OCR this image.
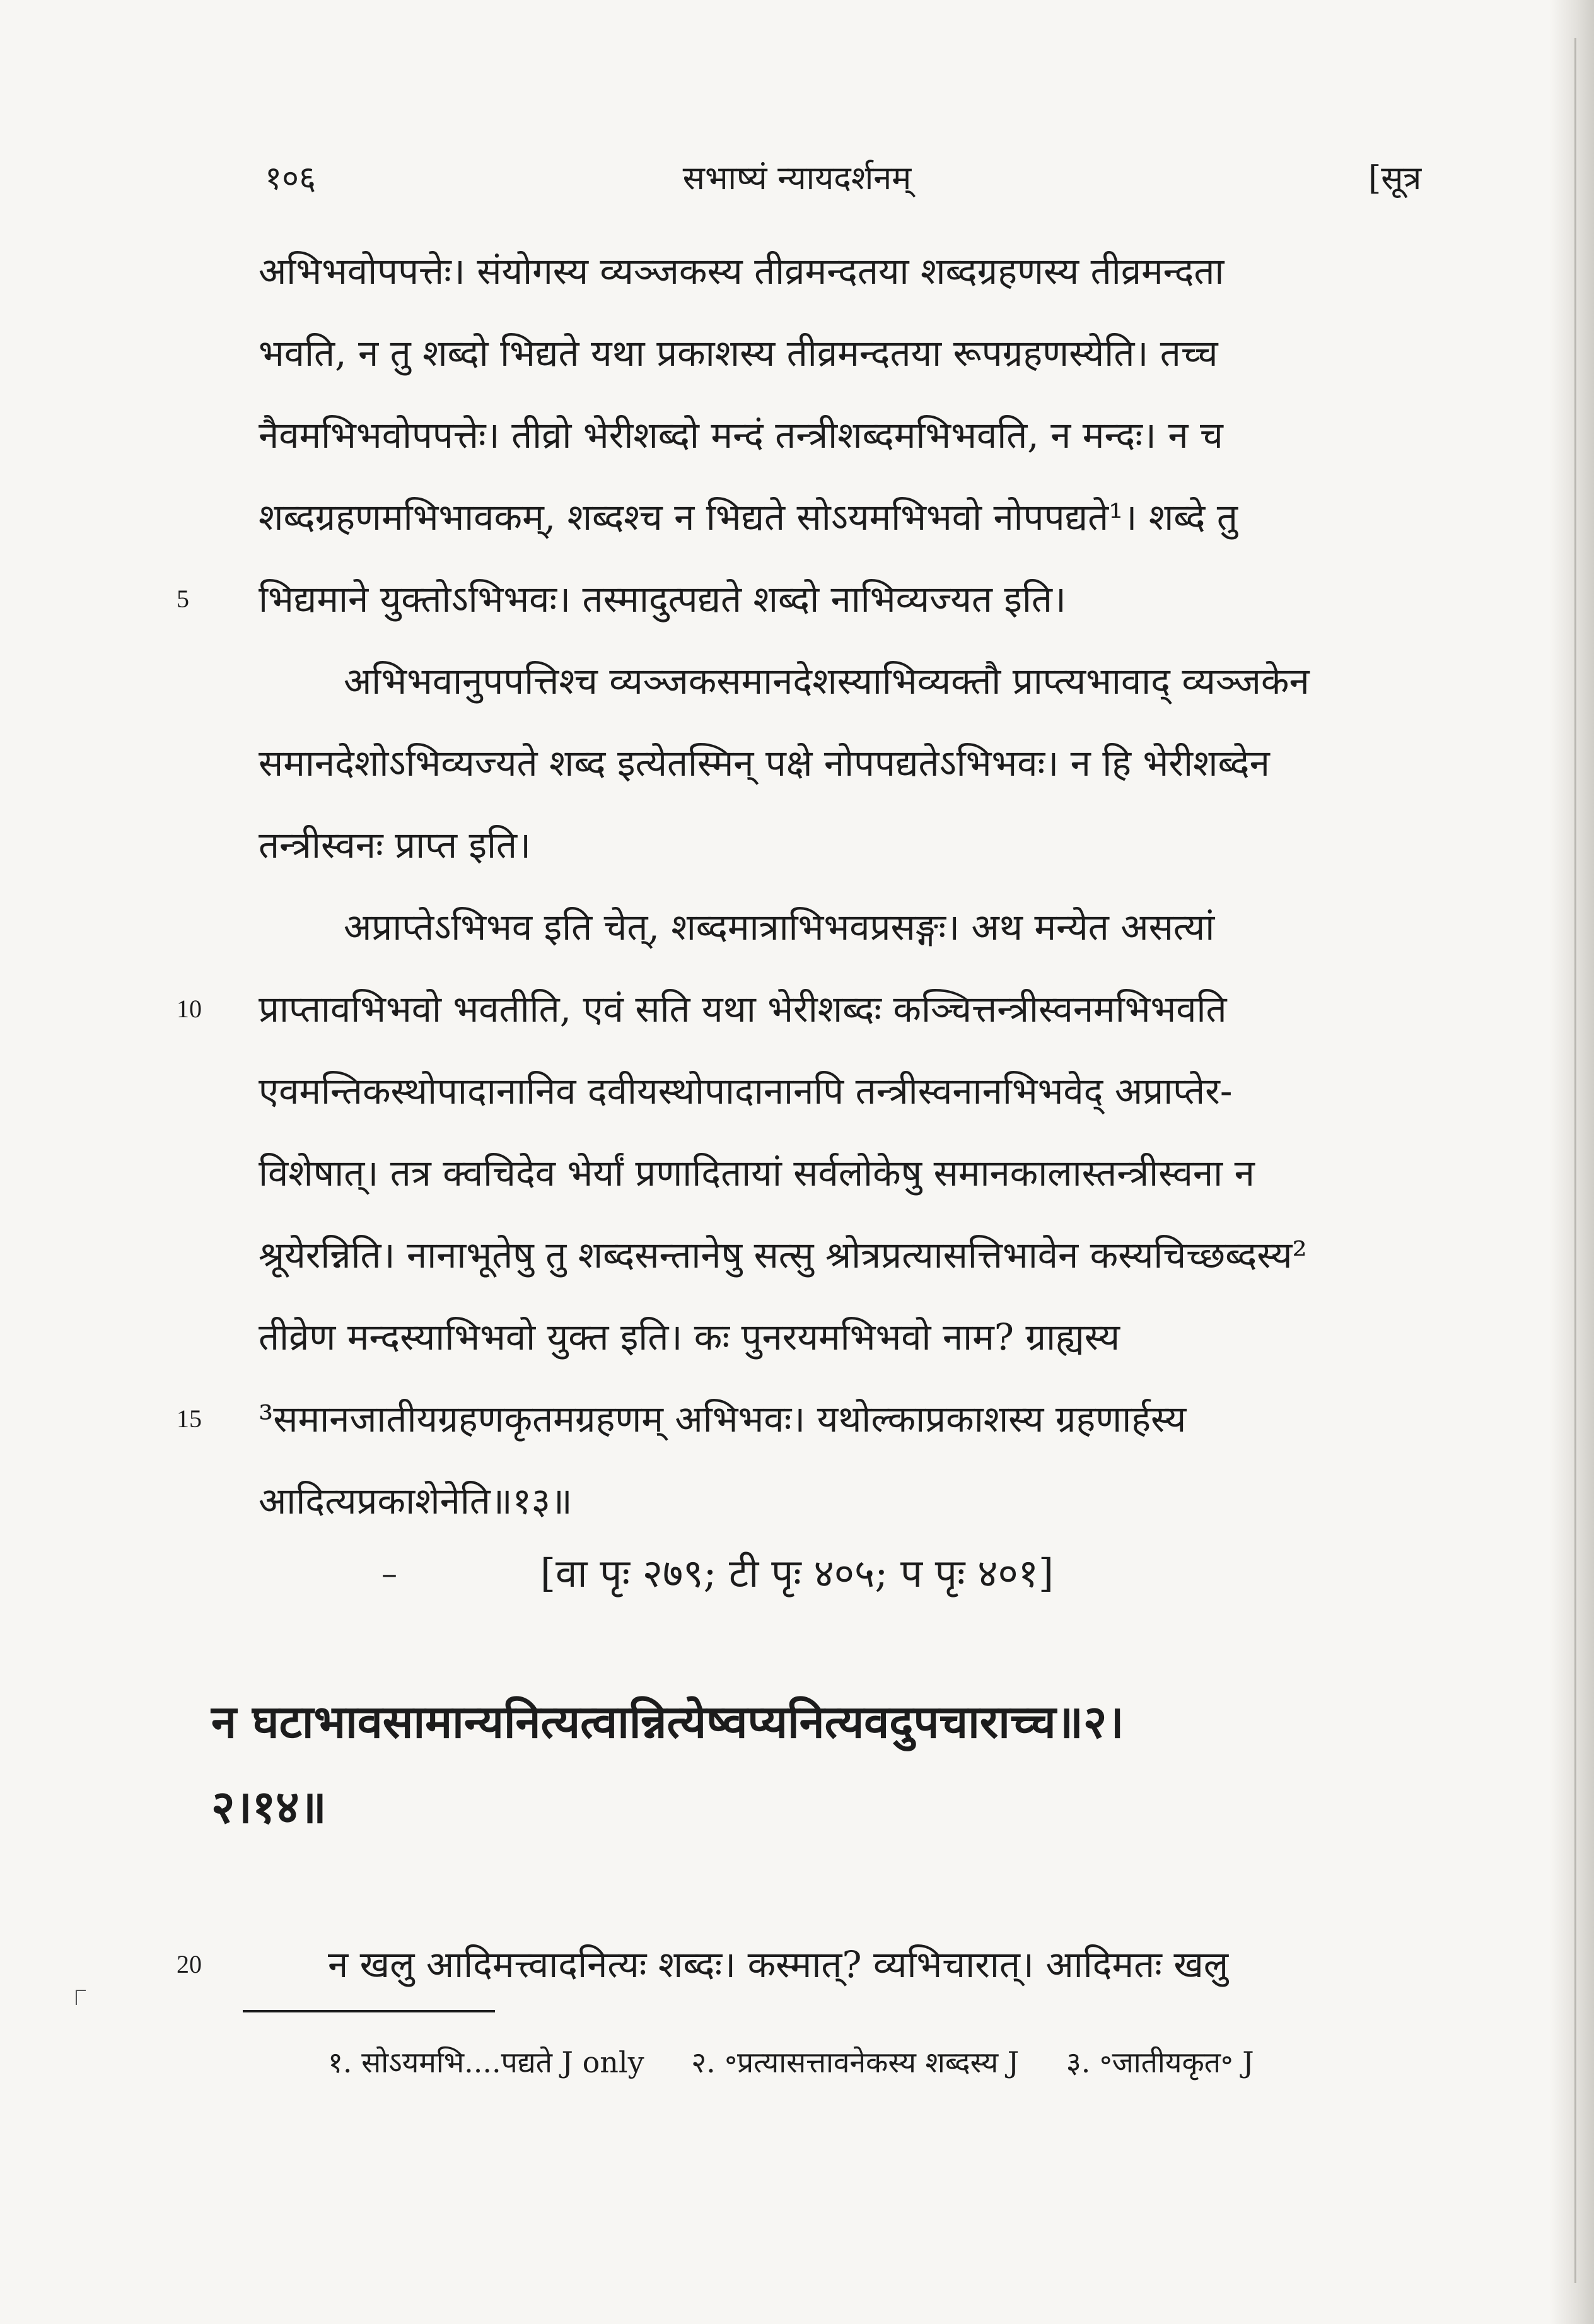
१०६	सभाष्यं न्यायदर्शनम्	[सूत्र
अभिभवोपपत्तेः। संयोगस्य व्यञ्जकस्य तीव्रमन्दतया शब्दग्रहणस्य तीव्रमन्दता
भवति, न तु शब्दो भिद्यते यथा प्रकाशस्य तीव्रमन्दतया रूपग्रहणस्येति। तच्च
नैवमभिभवोपपत्तेः। तीव्रो भेरीशब्दो मन्दं तन्त्रीशब्दमभिभवति, न मन्दः। न च
शब्दग्रहणमभिभावकम्, शब्दश्च न भिद्यते सोऽयमभिभवो नोपपद्यते¹। शब्दे तु
5	भिद्यमाने युक्तोऽभिभवः। तस्मादुत्पद्यते शब्दो नाभिव्यज्यत इति।
अभिभवानुपपत्तिश्च व्यञ्जकसमानदेशस्याभिव्यक्तौ प्राप्त्यभावाद् व्यञ्जकेन
समानदेशोऽभिव्यज्यते शब्द इत्येतस्मिन् पक्षे नोपपद्यतेऽभिभवः। न हि भेरीशब्देन
तन्त्रीस्वनः प्राप्त इति।
अप्राप्तेऽभिभव इति चेत्, शब्दमात्राभिभवप्रसङ्गः। अथ मन्येत असत्यां
10	प्राप्तावभिभवो भवतीति, एवं सति यथा भेरीशब्दः कञ्चित्तन्त्रीस्वनमभिभवति
एवमन्तिकस्थोपादानानिव दवीयस्थोपादानानपि तन्त्रीस्वनानभिभवेद् अप्राप्तेर-
विशेषात्। तत्र क्वचिदेव भेर्यां प्रणादितायां सर्वलोकेषु समानकालास्तन्त्रीस्वना न
श्रूयेरन्निति। नानाभूतेषु तु शब्दसन्तानेषु सत्सु श्रोत्रप्रत्यासत्तिभावेन कस्यचिच्छब्दस्य²
तीव्रेण मन्दस्याभिभवो युक्त इति। कः पुनरयमभिभवो नाम? ग्राह्यस्य
15	³समानजातीयग्रहणकृतमग्रहणम् अभिभवः। यथोल्काप्रकाशस्य ग्रहणार्हस्य
आदित्यप्रकाशेनेति॥१३॥
–	[वा पृः २७९; टी पृः ४०५; प पृः ४०१]
न घटाभावसामान्यनित्यत्वान्नित्येष्वप्यनित्यवदुपचाराच्च॥२।
२।१४॥
20	न खलु आदिमत्त्वादनित्यः शब्दः। कस्मात्? व्यभिचारात्। आदिमतः खलु
१. सोऽयमभि....पद्यते J only २. ॰प्रत्यासत्तावनेकस्य शब्दस्य J ३. ॰जातीयकृत॰ J
